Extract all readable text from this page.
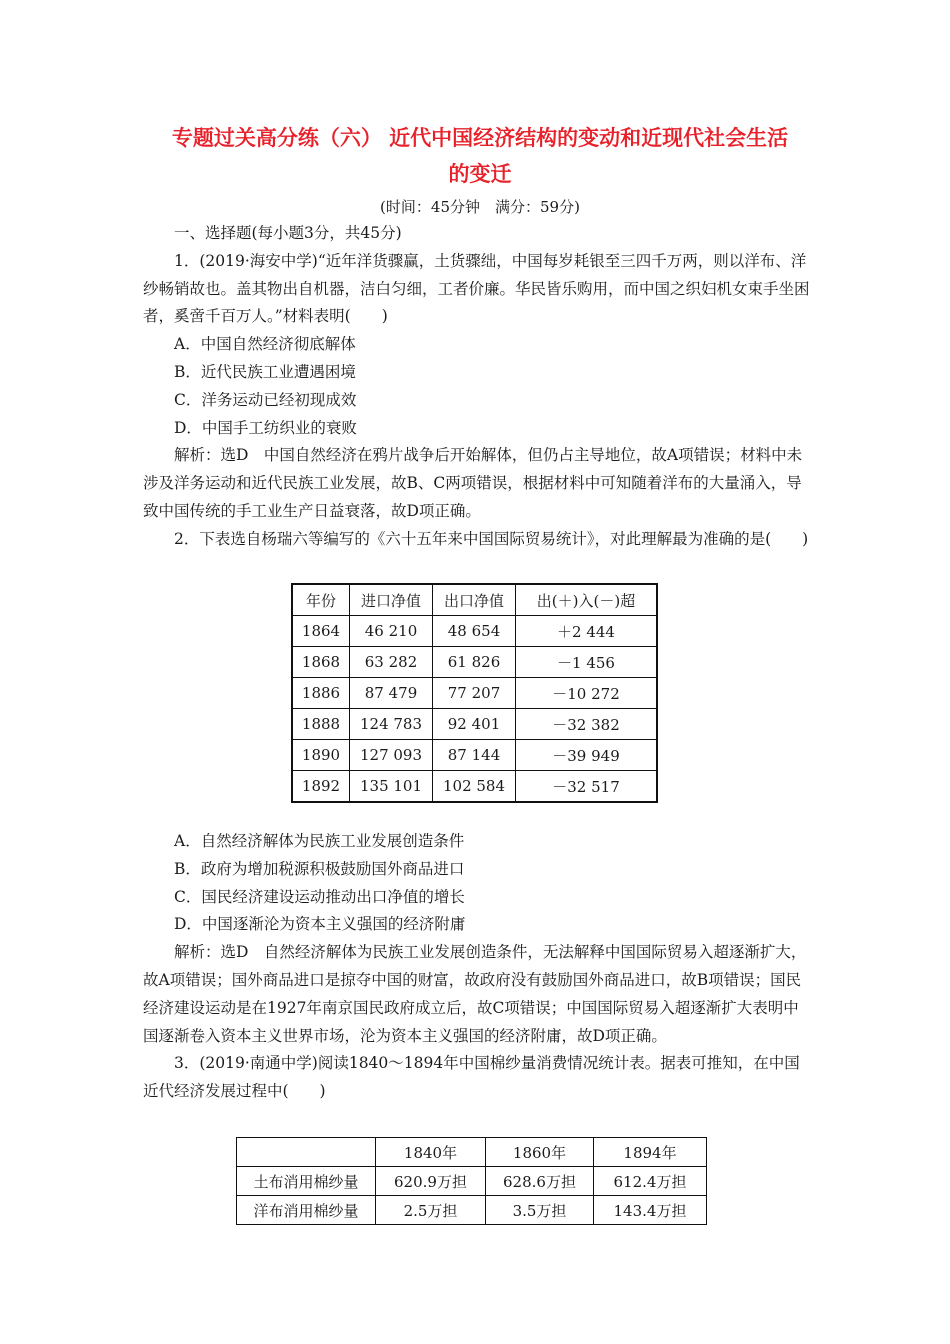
专题过关高分练（六） 近代中国经济结构的变动和近现代社会生活
的变迁
(时间：45分钟　满分：59分)

一、选择题(每小题3分，共45分)

1．(2019·海安中学)“近年洋货骤赢，土货骤绌，中国每岁耗银至三四千万两，则以洋布、洋纱畅销故也。盖其物出自机器，洁白匀细，工者价廉。华民皆乐购用，而中国之织妇机女束手坐困者，奚啻千百万人。”材料表明(　　)

A．中国自然经济彻底解体

B．近代民族工业遭遇困境

C．洋务运动已经初现成效

D．中国手工纺织业的衰败

解析：选D　中国自然经济在鸦片战争后开始解体，但仍占主导地位，故A项错误；材料中未涉及洋务运动和近代民族工业发展，故B、C两项错误，根据材料中可知随着洋布的大量涌入，导致中国传统的手工业生产日益衰落，故D项正确。

2．下表选自杨瑞六等编写的《六十五年来中国国际贸易统计》，对此理解最为准确的是(　　)

年份	进口净值	出口净值	出(＋)入(－)超
1864	46 210	48 654	＋2 444
1868	63 282	61 826	－1 456
1886	87 479	77 207	－10 272
1888	124 783	92 401	－32 382
1890	127 093	87 144	－39 949
1892	135 101	102 584	－32 517

A．自然经济解体为民族工业发展创造条件

B．政府为增加税源积极鼓励国外商品进口

C．国民经济建设运动推动出口净值的增长

D．中国逐渐沦为资本主义强国的经济附庸

解析：选D　自然经济解体为民族工业发展创造条件，无法解释中国国际贸易入超逐渐扩大，故A项错误；国外商品进口是掠夺中国的财富，故政府没有鼓励国外商品进口，故B项错误；国民经济建设运动是在1927年南京国民政府成立后，故C项错误；中国国际贸易入超逐渐扩大表明中国逐渐卷入资本主义世界市场，沦为资本主义强国的经济附庸，故D项正确。

3．(2019·南通中学)阅读1840～1894年中国棉纱量消费情况统计表。据表可推知，在中国近代经济发展过程中(　　)

	1840年	1860年	1894年
土布消用棉纱量	620.9万担	628.6万担	612.4万担
洋布消用棉纱量	2.5万担	3.5万担	143.4万担
